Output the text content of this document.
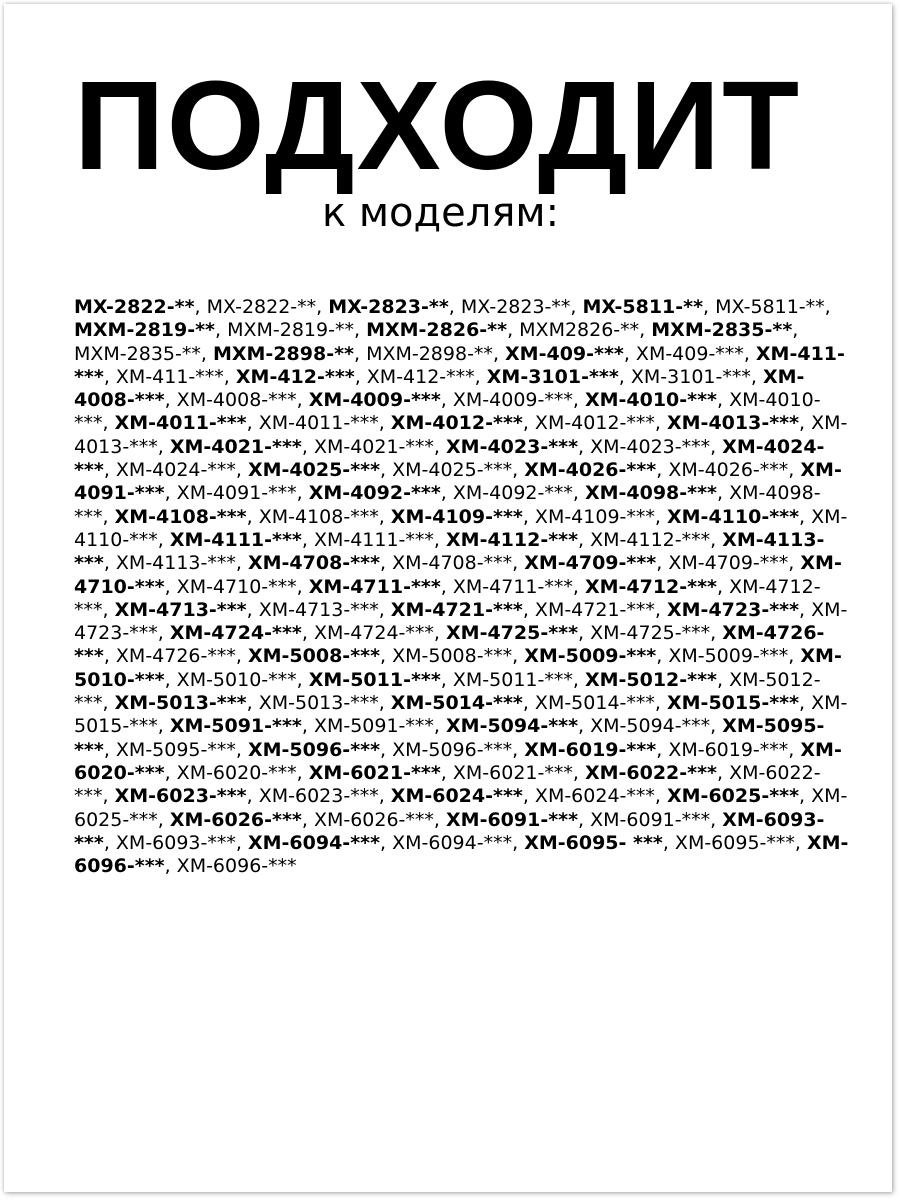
ПОДХОДИТ
к моделям:

MX-2822-**, MX-2822-**, MX-2823-**, MX-2823-**, MX-5811-**, MX-5811-**, MXM-2819-**, MXM-2819-**, MXM-2826-**, MXM2826-**, MXM-2835-**, MXM-2835-**, MXM-2898-**, MXM-2898-**, XM-409-***, XM-409-***, XM-411-***, XM-411-***, XM-412-***, XM-412-***, XM-3101-***, XM-3101-***, XM-4008-***, XM-4008-***, XM-4009-***, XM-4009-***, XM-4010-***, XM-4010-***, XM-4011-***, XM-4011-***, XM-4012-***, XM-4012-***, XM-4013-***, XM-4013-***, XM-4021-***, XM-4021-***, XM-4023-***, XM-4023-***, XM-4024-***, XM-4024-***, XM-4025-***, XM-4025-***, XM-4026-***, XM-4026-***, XM-4091-***, XM-4091-***, XM-4092-***, XM-4092-***, XM-4098-***, XM-4098-***, XM-4108-***, XM-4108-***, XM-4109-***, XM-4109-***, XM-4110-***, XM-4110-***, XM-4111-***, XM-4111-***, XM-4112-***, XM-4112-***, XM-4113-***, XM-4113-***, XM-4708-***, XM-4708-***, XM-4709-***, XM-4709-***, XM-4710-***, XM-4710-***, XM-4711-***, XM-4711-***, XM-4712-***, XM-4712-***, XM-4713-***, XM-4713-***, XM-4721-***, XM-4721-***, XM-4723-***, XM-4723-***, XM-4724-***, XM-4724-***, XM-4725-***, XM-4725-***, XM-4726-***, XM-4726-***, XM-5008-***, XM-5008-***, XM-5009-***, XM-5009-***, XM-5010-***, XM-5010-***, XM-5011-***, XM-5011-***, XM-5012-***, XM-5012-***, XM-5013-***, XM-5013-***, XM-5014-***, XM-5014-***, XM-5015-***, XM-5015-***, XM-5091-***, XM-5091-***, XM-5094-***, XM-5094-***, XM-5095-***, XM-5095-***, XM-5096-***, XM-5096-***, XM-6019-***, XM-6019-***, XM-6020-***, XM-6020-***, XM-6021-***, XM-6021-***, XM-6022-***, XM-6022-***, XM-6023-***, XM-6023-***, XM-6024-***, XM-6024-***, XM-6025-***, XM-6025-***, XM-6026-***, XM-6026-***, XM-6091-***, XM-6091-***, XM-6093-***, XM-6093-***, XM-6094-***, XM-6094-***, XM-6095- ***, XM-6095-***, XM-6096-***, XM-6096-***
